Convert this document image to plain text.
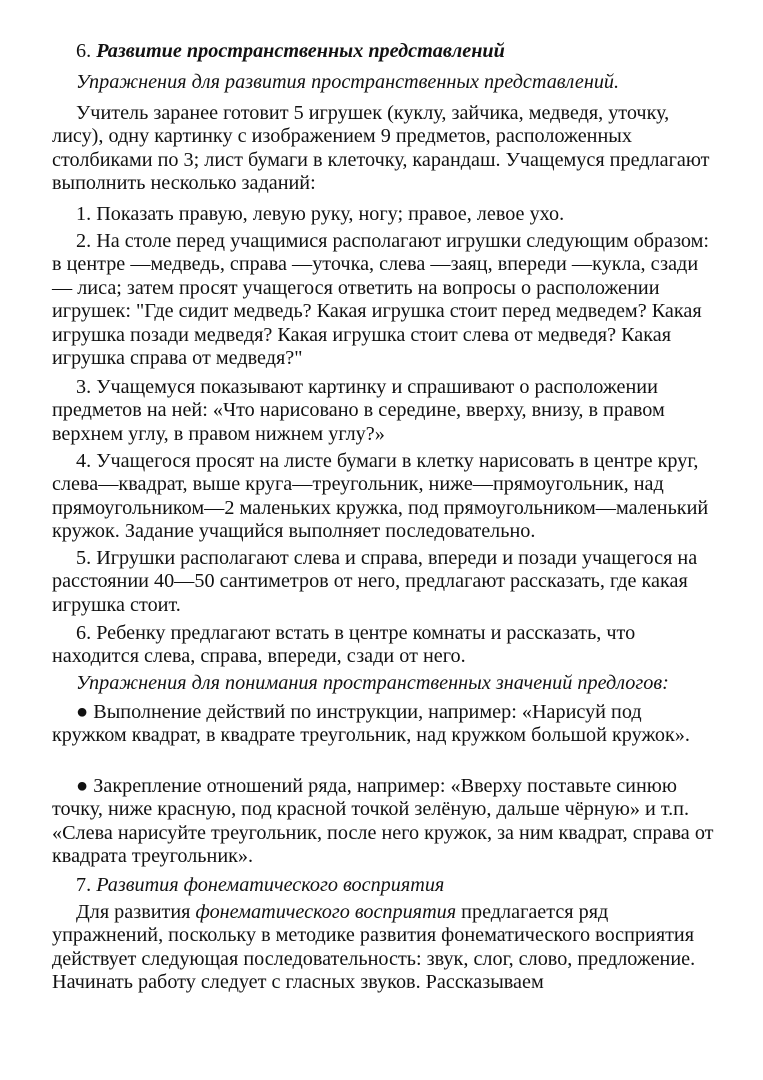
6. Развитие пространственных представлений

Упражнения для развития пространственных представлений.

Учитель заранее готовит 5 игрушек (куклу, зайчика, медведя, уточку, лису), одну картинку с изображением 9 предметов, расположенных столбиками по 3; лист бумаги в клеточку, карандаш. Учащемуся предлагают выполнить несколько заданий:

1. Показать правую, левую руку, ногу; правое, левое ухо.

2. На столе перед учащимися располагают игрушки следующим образом: в центре —медведь, справа —уточка, слева —заяц, впереди —кукла, сзади — лиса; затем просят учащегося ответить на вопросы о расположении игрушек: "Где сидит медведь? Какая игрушка стоит перед медведем? Какая игрушка позади медведя? Какая игрушка стоит слева от медведя? Какая игрушка справа от медведя?"

3. Учащемуся показывают картинку и спрашивают о расположении предметов на ней: «Что нарисовано в середине, вверху, внизу, в правом верхнем углу, в правом нижнем углу?»

4. Учащегося просят на листе бумаги в клетку нарисовать в центре круг, слева—квадрат, выше круга—треугольник, ниже—прямоугольник, над прямоугольником—2 маленьких кружка, под прямоугольником—маленький кружок. Задание учащийся выполняет последовательно.

5. Игрушки располагают слева и справа, впереди и позади учащегося на расстоянии 40—50 сантиметров от него, предлагают рассказать, где какая игрушка стоит.

6. Ребенку предлагают встать в центре комнаты и рассказать, что находится слева, справа, впереди, сзади от него.

Упражнения для понимания пространственных значений предлогов:

● Выполнение действий по инструкции, например: «Нарисуй под кружком квадрат, в квадрате треугольник, над кружком большой кружок».

● Закрепление отношений ряда, например: «Вверху поставьте синюю точку, ниже красную, под красной точкой зелёную, дальше чёрную» и т.п. «Слева нарисуйте треугольник, после него кружок, за ним квадрат, справа от квадрата треугольник».

7. Развития фонематического восприятия

Для развития фонематического восприятия предлагается ряд упражнений, поскольку в методике развития фонематического восприятия действует следующая последовательность: звук, слог, слово, предложение. Начинать работу следует с гласных звуков. Рассказываем
